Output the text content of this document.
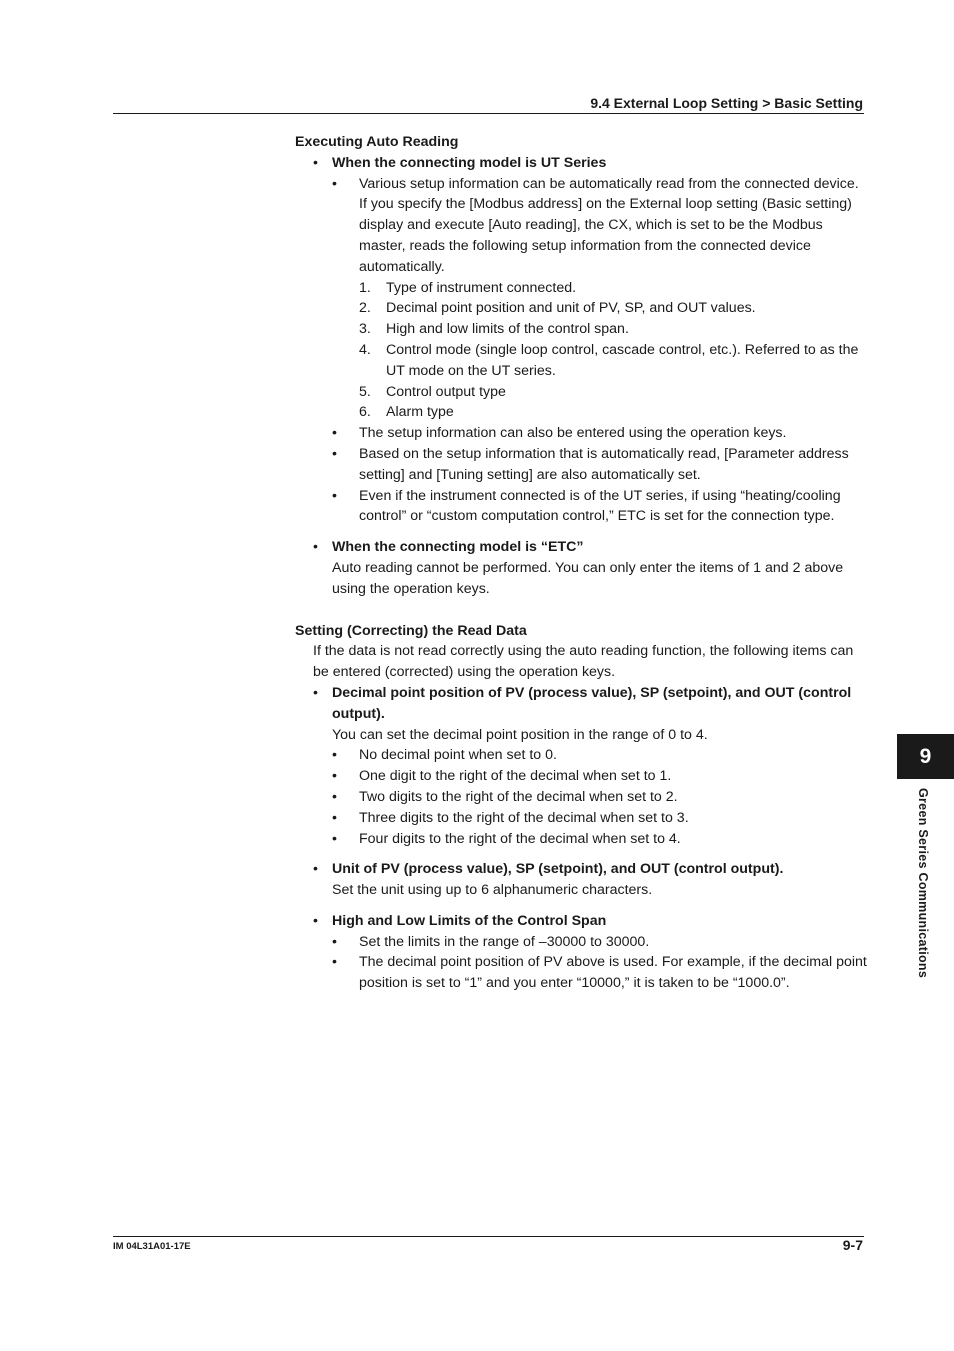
9.4 External Loop Setting > Basic Setting
Executing Auto Reading
• When the connecting model is UT Series
• Various setup information can be automatically read from the connected device. If you specify the [Modbus address] on the External loop setting (Basic setting) display and execute [Auto reading], the CX, which is set to be the Modbus master, reads the following setup information from the connected device automatically.
1. Type of instrument connected.
2. Decimal point position and unit of PV, SP, and OUT values.
3. High and low limits of the control span.
4. Control mode (single loop control, cascade control, etc.). Referred to as the UT mode on the UT series.
5. Control output type
6. Alarm type
• The setup information can also be entered using the operation keys.
• Based on the setup information that is automatically read, [Parameter address setting] and [Tuning setting] are also automatically set.
• Even if the instrument connected is of the UT series, if using “heating/cooling control” or “custom computation control,” ETC is set for the connection type.
• When the connecting model is “ETC”
Auto reading cannot be performed. You can only enter the items of 1 and 2 above using the operation keys.
Setting (Correcting) the Read Data
If the data is not read correctly using the auto reading function, the following items can be entered (corrected) using the operation keys.
• Decimal point position of PV (process value), SP (setpoint), and OUT (control output).
You can set the decimal point position in the range of 0 to 4.
• No decimal point when set to 0.
• One digit to the right of the decimal when set to 1.
• Two digits to the right of the decimal when set to 2.
• Three digits to the right of the decimal when set to 3.
• Four digits to the right of the decimal when set to 4.
• Unit of PV (process value), SP (setpoint), and OUT (control output).
Set the unit using up to 6 alphanumeric characters.
• High and Low Limits of the Control Span
• Set the limits in the range of –30000 to 30000.
• The decimal point position of PV above is used. For example, if the decimal point position is set to “1” and you enter “10000,” it is taken to be “1000.0”.
9
Green Series Communications
IM 04L31A01-17E	9-7
